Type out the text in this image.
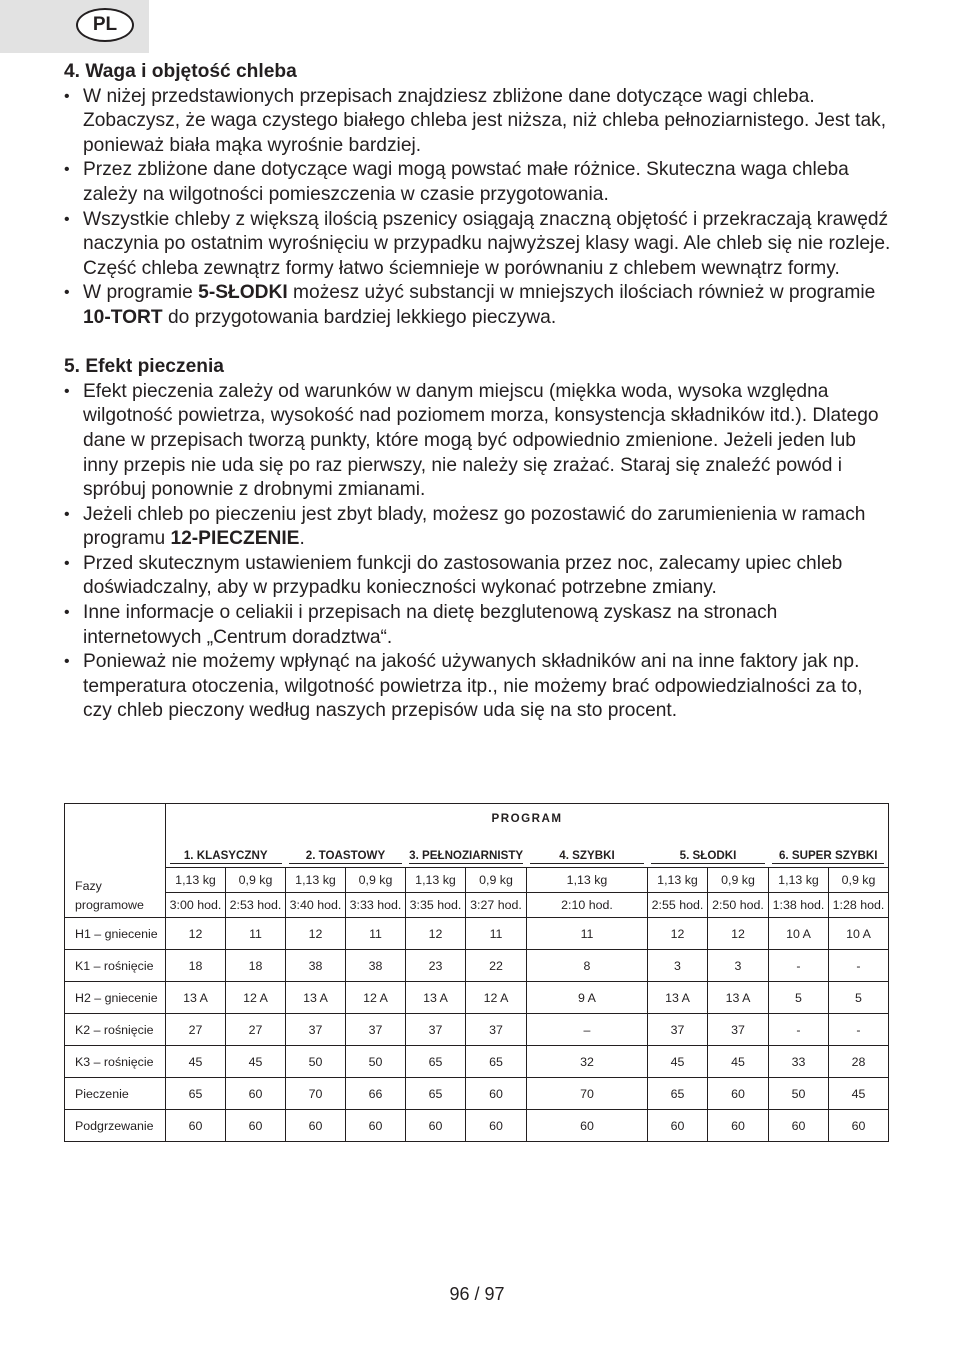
PL

4. Waga i objętość chleba

• W niżej przedstawionych przepisach znajdziesz zbliżone dane dotyczące wagi chleba. Zobaczysz, że waga czystego białego chleba jest niższa, niż chleba pełnoziarnistego. Jest tak, ponieważ biała mąka wyrośnie bardziej.
• Przez zbliżone dane dotyczące wagi mogą powstać małe różnice. Skuteczna waga chleba zależy na wilgotności pomieszczenia w czasie przygotowania.
• Wszystkie chleby z większą ilością pszenicy osiągają znaczną objętość i przekraczają krawędź naczynia po ostatnim wyrośnięciu w przypadku najwyższej klasy wagi. Ale chleb się nie rozleje. Część chleba zewnątrz formy łatwo ściemnieje w porównaniu z chlebem wewnątrz formy.
• W programie 5-SŁODKI możesz użyć substancji w mniejszych ilościach również w programie 10-TORT do przygotowania bardziej lekkiego pieczywa.

5. Efekt pieczenia

• Efekt pieczenia zależy od warunków w danym miejscu (miękka woda, wysoka względna wilgotność powietrza, wysokość nad poziomem morza, konsystencja składników itd.). Dlatego dane w przepisach tworzą punkty, które mogą być odpowiednio zmienione. Jeżeli jeden lub inny przepis nie uda się po raz pierwszy, nie należy się zrażać. Staraj się znaleźć powód i spróbuj ponownie z drobnymi zmianami.
• Jeżeli chleb po pieczeniu jest zbyt blady, możesz go pozostawić do zarumienienia w ramach programu 12-PIECZENIE.
• Przed skutecznym ustawieniem funkcji do zastosowania przez noc, zalecamy upiec chleb doświadczalny, aby w przypadku konieczności wykonać potrzebne zmiany.
• Inne informacje o celiakii i przepisach na dietę bezglutenową zyskasz na stronach internetowych „Centrum doradztwa“.
• Ponieważ nie możemy wpłynąć na jakość używanych składników ani na inne faktory jak np. temperatura otoczenia, wilgotność powietrza itp., nie możemy brać odpowiedzialności za to, czy chleb pieczony według naszych przepisów uda się na sto procent.
	PROGRAM										
	1. KLASYCZNY		2. TOASTOWY		3. PEŁNOZIARNISTY		4. SZYBKI	5. SŁODKI		6. SUPER SZYBKI	
Fazy	1,13 kg	0,9 kg	1,13 kg	0,9 kg	1,13 kg	0,9 kg	1,13 kg	1,13 kg	0,9 kg	1,13 kg	0,9 kg
programowe	3:00 hod.	2:53 hod.	3:40 hod.	3:33 hod.	3:35 hod.	3:27 hod.	2:10 hod.	2:55 hod.	2:50 hod.	1:38 hod.	1:28 hod.
H1 – gniecenie	12	11	12	11	12	11	11	12	12	10 A	10 A
K1 – rośnięcie	18	18	38	38	23	22	8	3	3	-	-
H2 – gniecenie	13 A	12 A	13 A	12 A	13 A	12 A	9 A	13 A	13 A	5	5
K2 – rośnięcie	27	27	37	37	37	37	–	37	37	-	-
K3 – rośnięcie	45	45	50	50	65	65	32	45	45	33	28
Pieczenie	65	60	70	66	65	60	70	65	60	50	45
Podgrzewanie	60	60	60	60	60	60	60	60	60	60	60
96 / 97
